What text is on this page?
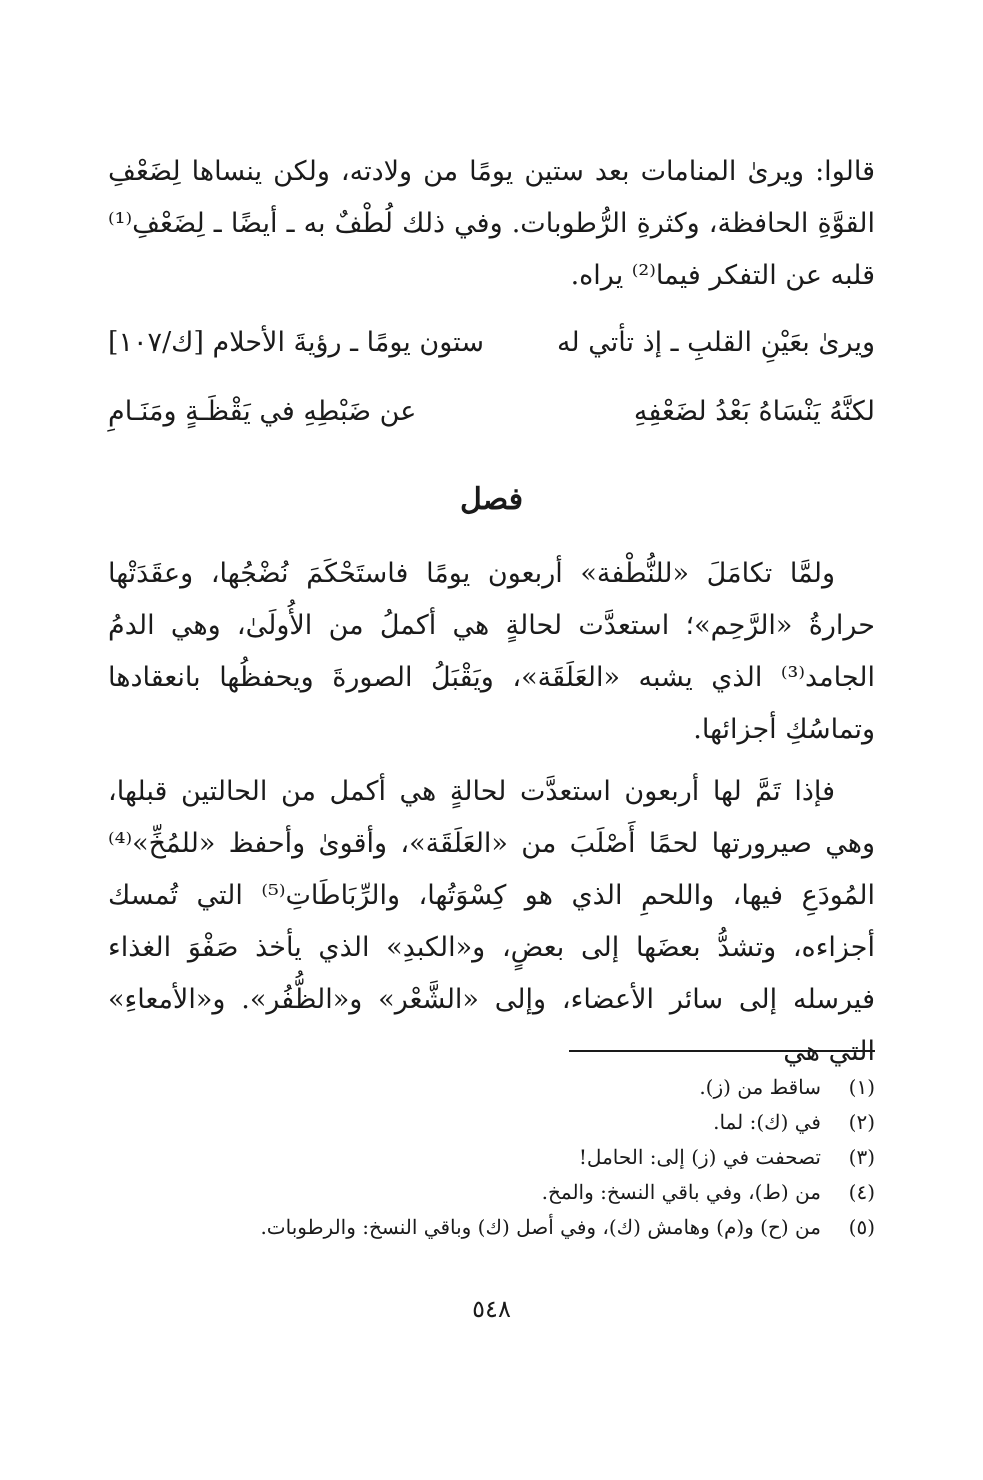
قالوا: ويرىٰ المنامات بعد ستين يومًا من ولادته، ولكن ينساها لِضَعْفِ القوَّةِ الحافظة، وكثرةِ الرُّطوبات. وفي ذلك لُطْفٌ به ـ أيضًا ـ لِضَعْفِ⁽¹⁾ قلبه عن التفكر فيما⁽²⁾ يراه.

ويرىٰ بعَيْنِ القلبِ ـ إذ تأتي له
ستون يومًا ـ رؤيةَ الأحلام [ك/١٠٧]
لكنَّهُ يَنْسَاهُ بَعْدُ لضَعْفِهِ
عن ضَبْطِهِ في يَقْظَـةٍ ومَنَـامِ
فصل

ولمَّا تكامَلَ «للنُّطْفة» أربعون يومًا فاستَحْكَمَ نُضْجُها، وعقَدَتْها حرارةُ «الرَّحِم»؛ استعدَّت لحالةٍ هي أكملُ من الأُولَىٰ، وهي الدمُ الجامد⁽³⁾ الذي يشبه «العَلَقَة»، ويَقْبَلُ الصورةَ ويحفظُها بانعقادها وتماسُكِ أجزائها.

فإذا تَمَّ لها أربعون استعدَّت لحالةٍ هي أكمل من الحالتين قبلها، وهي صيرورتها لحمًا أَصْلَبَ من «العَلَقَة»، وأقوىٰ وأحفظ «للمُخِّ»⁽⁴⁾ المُودَعِ فيها، واللحمِ الذي هو كِسْوَتُها، والرِّبَاطَاتِ⁽⁵⁾ التي تُمسك أجزاءه، وتشدُّ بعضَها إلى بعضٍ، و«الكبدِ» الذي يأخذ صَفْوَ الغذاء فيرسله إلى سائر الأعضاء، وإلى «الشَّعْر» و«الظُّفُر». و«الأمعاءِ» التي هي

(١)
ساقط من (ز).
(٢)
في (ك): لما.
(٣)
تصحفت في (ز) إلى: الحامل!
(٤)
من (ط)، وفي باقي النسخ: والمخ.
(٥)
من (ح) و(م) وهامش (ك)، وفي أصل (ك) وباقي النسخ: والرطوبات.
٥٤٨
